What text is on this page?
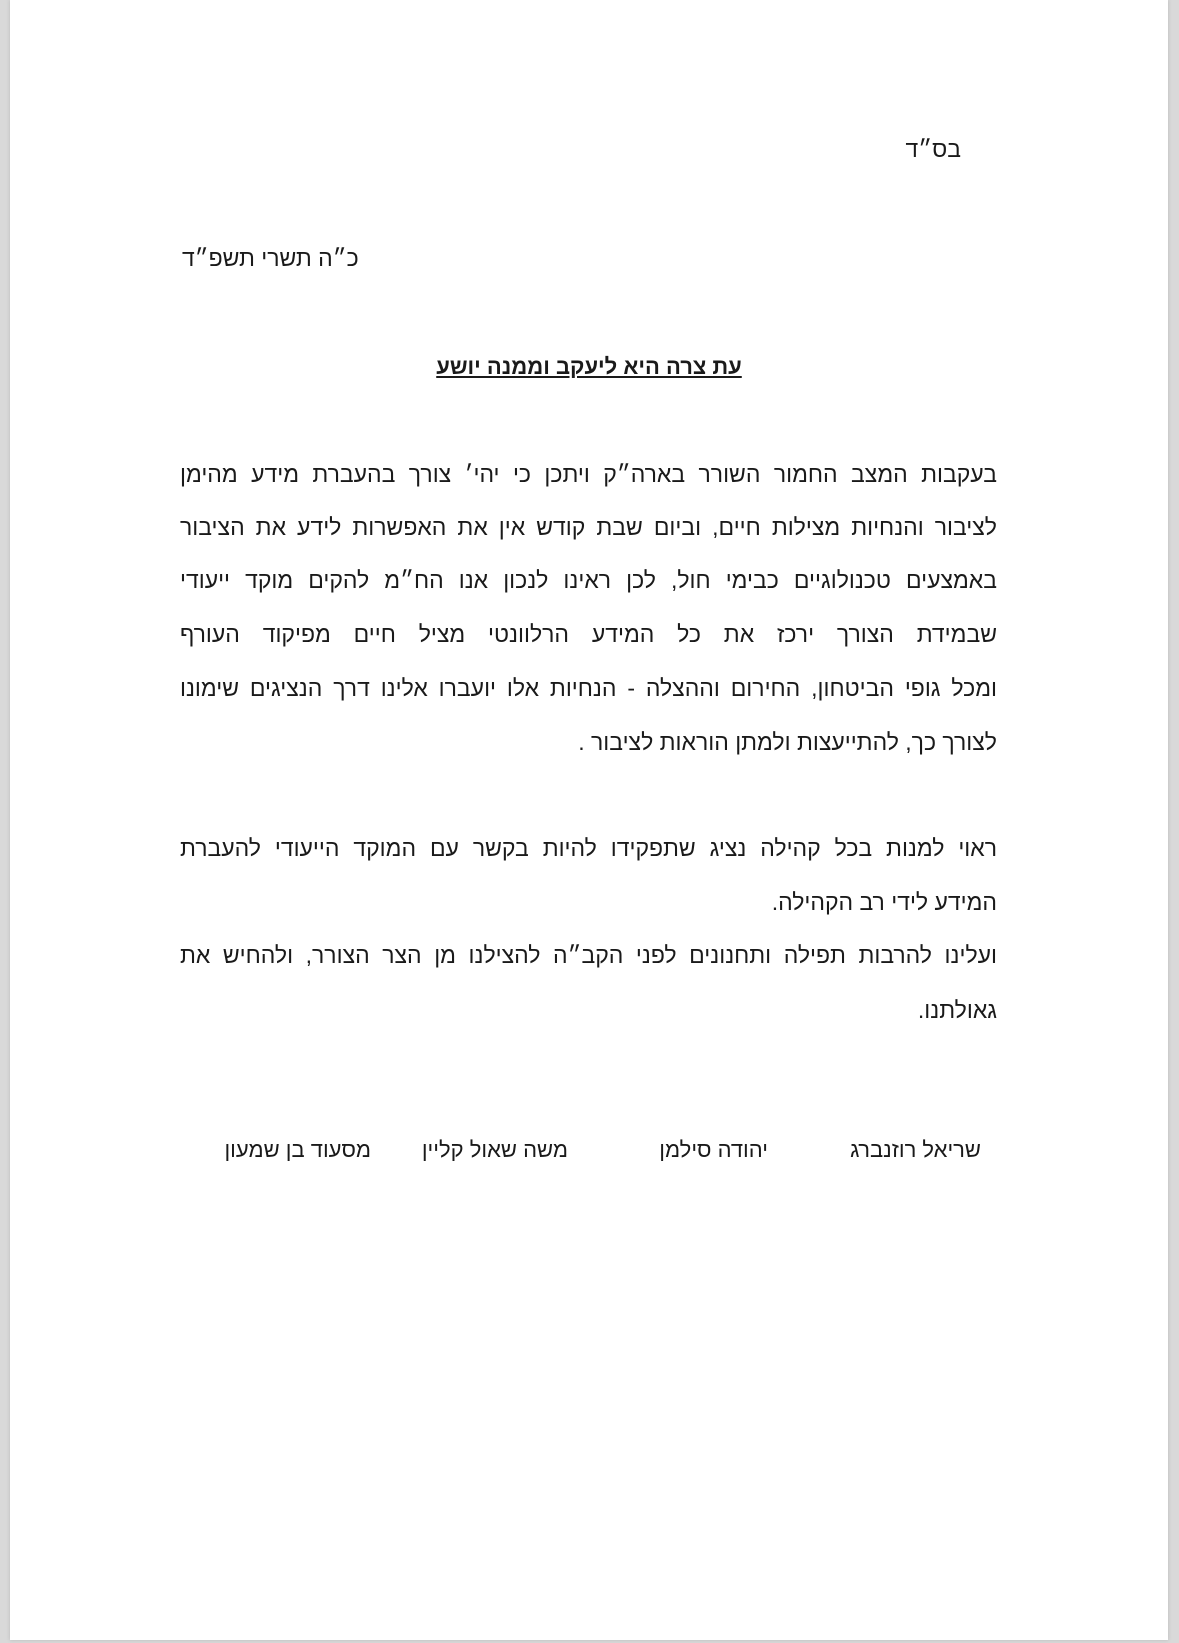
בס״ד
כ״ה תשרי תשפ״ד
עת צרה היא ליעקב וממנה יושע
בעקבות המצב החמור השורר בארה״ק ויתכן כי יהי׳ צורך בהעברת מידע מהימן
לציבור והנחיות מצילות חיים, וביום שבת קודש אין את האפשרות לידע את הציבור
באמצעים טכנולוגיים כבימי חול, לכן ראינו לנכון אנו הח״מ להקים מוקד ייעודי
שבמידת הצורך ירכז את כל המידע הרלוונטי מציל חיים מפיקוד העורף
ומכל גופי הביטחון, החירום וההצלה - הנחיות אלו יועברו אלינו דרך הנציגים שימונו
לצורך כך, להתייעצות ולמתן הוראות לציבור .
ראוי למנות בכל קהילה נציג שתפקידו להיות בקשר עם המוקד הייעודי להעברת
המידע לידי רב הקהילה.
ועלינו להרבות תפילה ותחנונים לפני הקב״ה להצילנו מן הצר הצורר, ולהחיש את
גאולתנו.
שריאל רוזנברג
יהודה סילמן
משה שאול קליין
מסעוד בן שמעון
